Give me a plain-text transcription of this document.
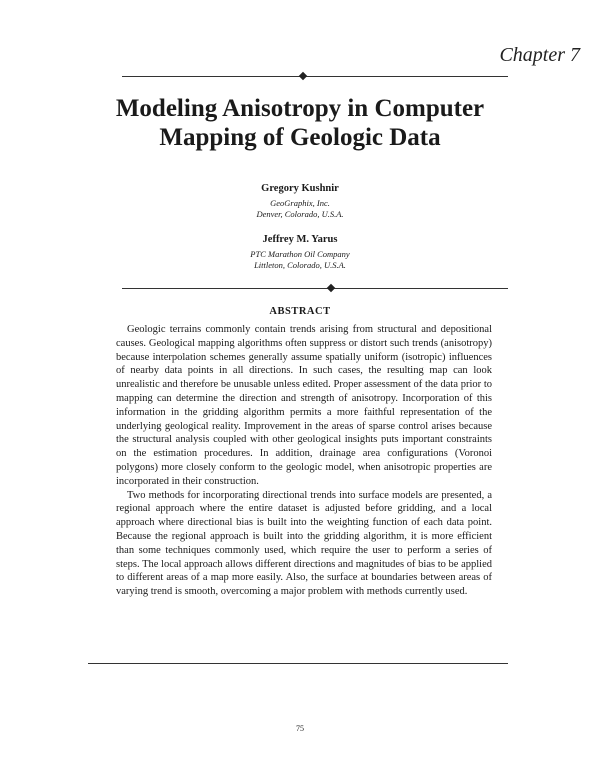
Chapter 7
Modeling Anisotropy in Computer
Mapping of Geologic Data
Gregory Kushnir
GeoGraphix, Inc.
Denver, Colorado, U.S.A.
Jeffrey M. Yarus
PTC Marathon Oil Company
Littleton, Colorado, U.S.A.
ABSTRACT

Geologic terrains commonly contain trends arising from structural and depositional causes. Geological mapping algorithms often suppress or distort such trends (anisotropy) because interpolation schemes generally assume spatially uniform (isotropic) influences of nearby data points in all directions. In such cases, the resulting map can look unrealistic and therefore be unusable unless edited. Proper assessment of the data prior to mapping can determine the direction and strength of anisotropy. Incorporation of this information in the gridding algorithm permits a more faithful representation of the underlying geological reality. Improvement in the areas of sparse control arises because the structural analysis coupled with other geological insights puts important constraints on the estimation procedures. In addition, drainage area configurations (Voronoi polygons) more closely conform to the geologic model, when anisotropic properties are incorporated in their construction.

Two methods for incorporating directional trends into surface models are presented, a regional approach where the entire dataset is adjusted before gridding, and a local approach where directional bias is built into the weighting function of each data point. Because the regional approach is built into the gridding algorithm, it is more efficient than some techniques commonly used, which require the user to perform a series of steps. The local approach allows different directions and magnitudes of bias to be applied to different areas of a map more easily. Also, the surface at boundaries between areas of varying trend is smooth, overcoming a major problem with methods currently used.

75
